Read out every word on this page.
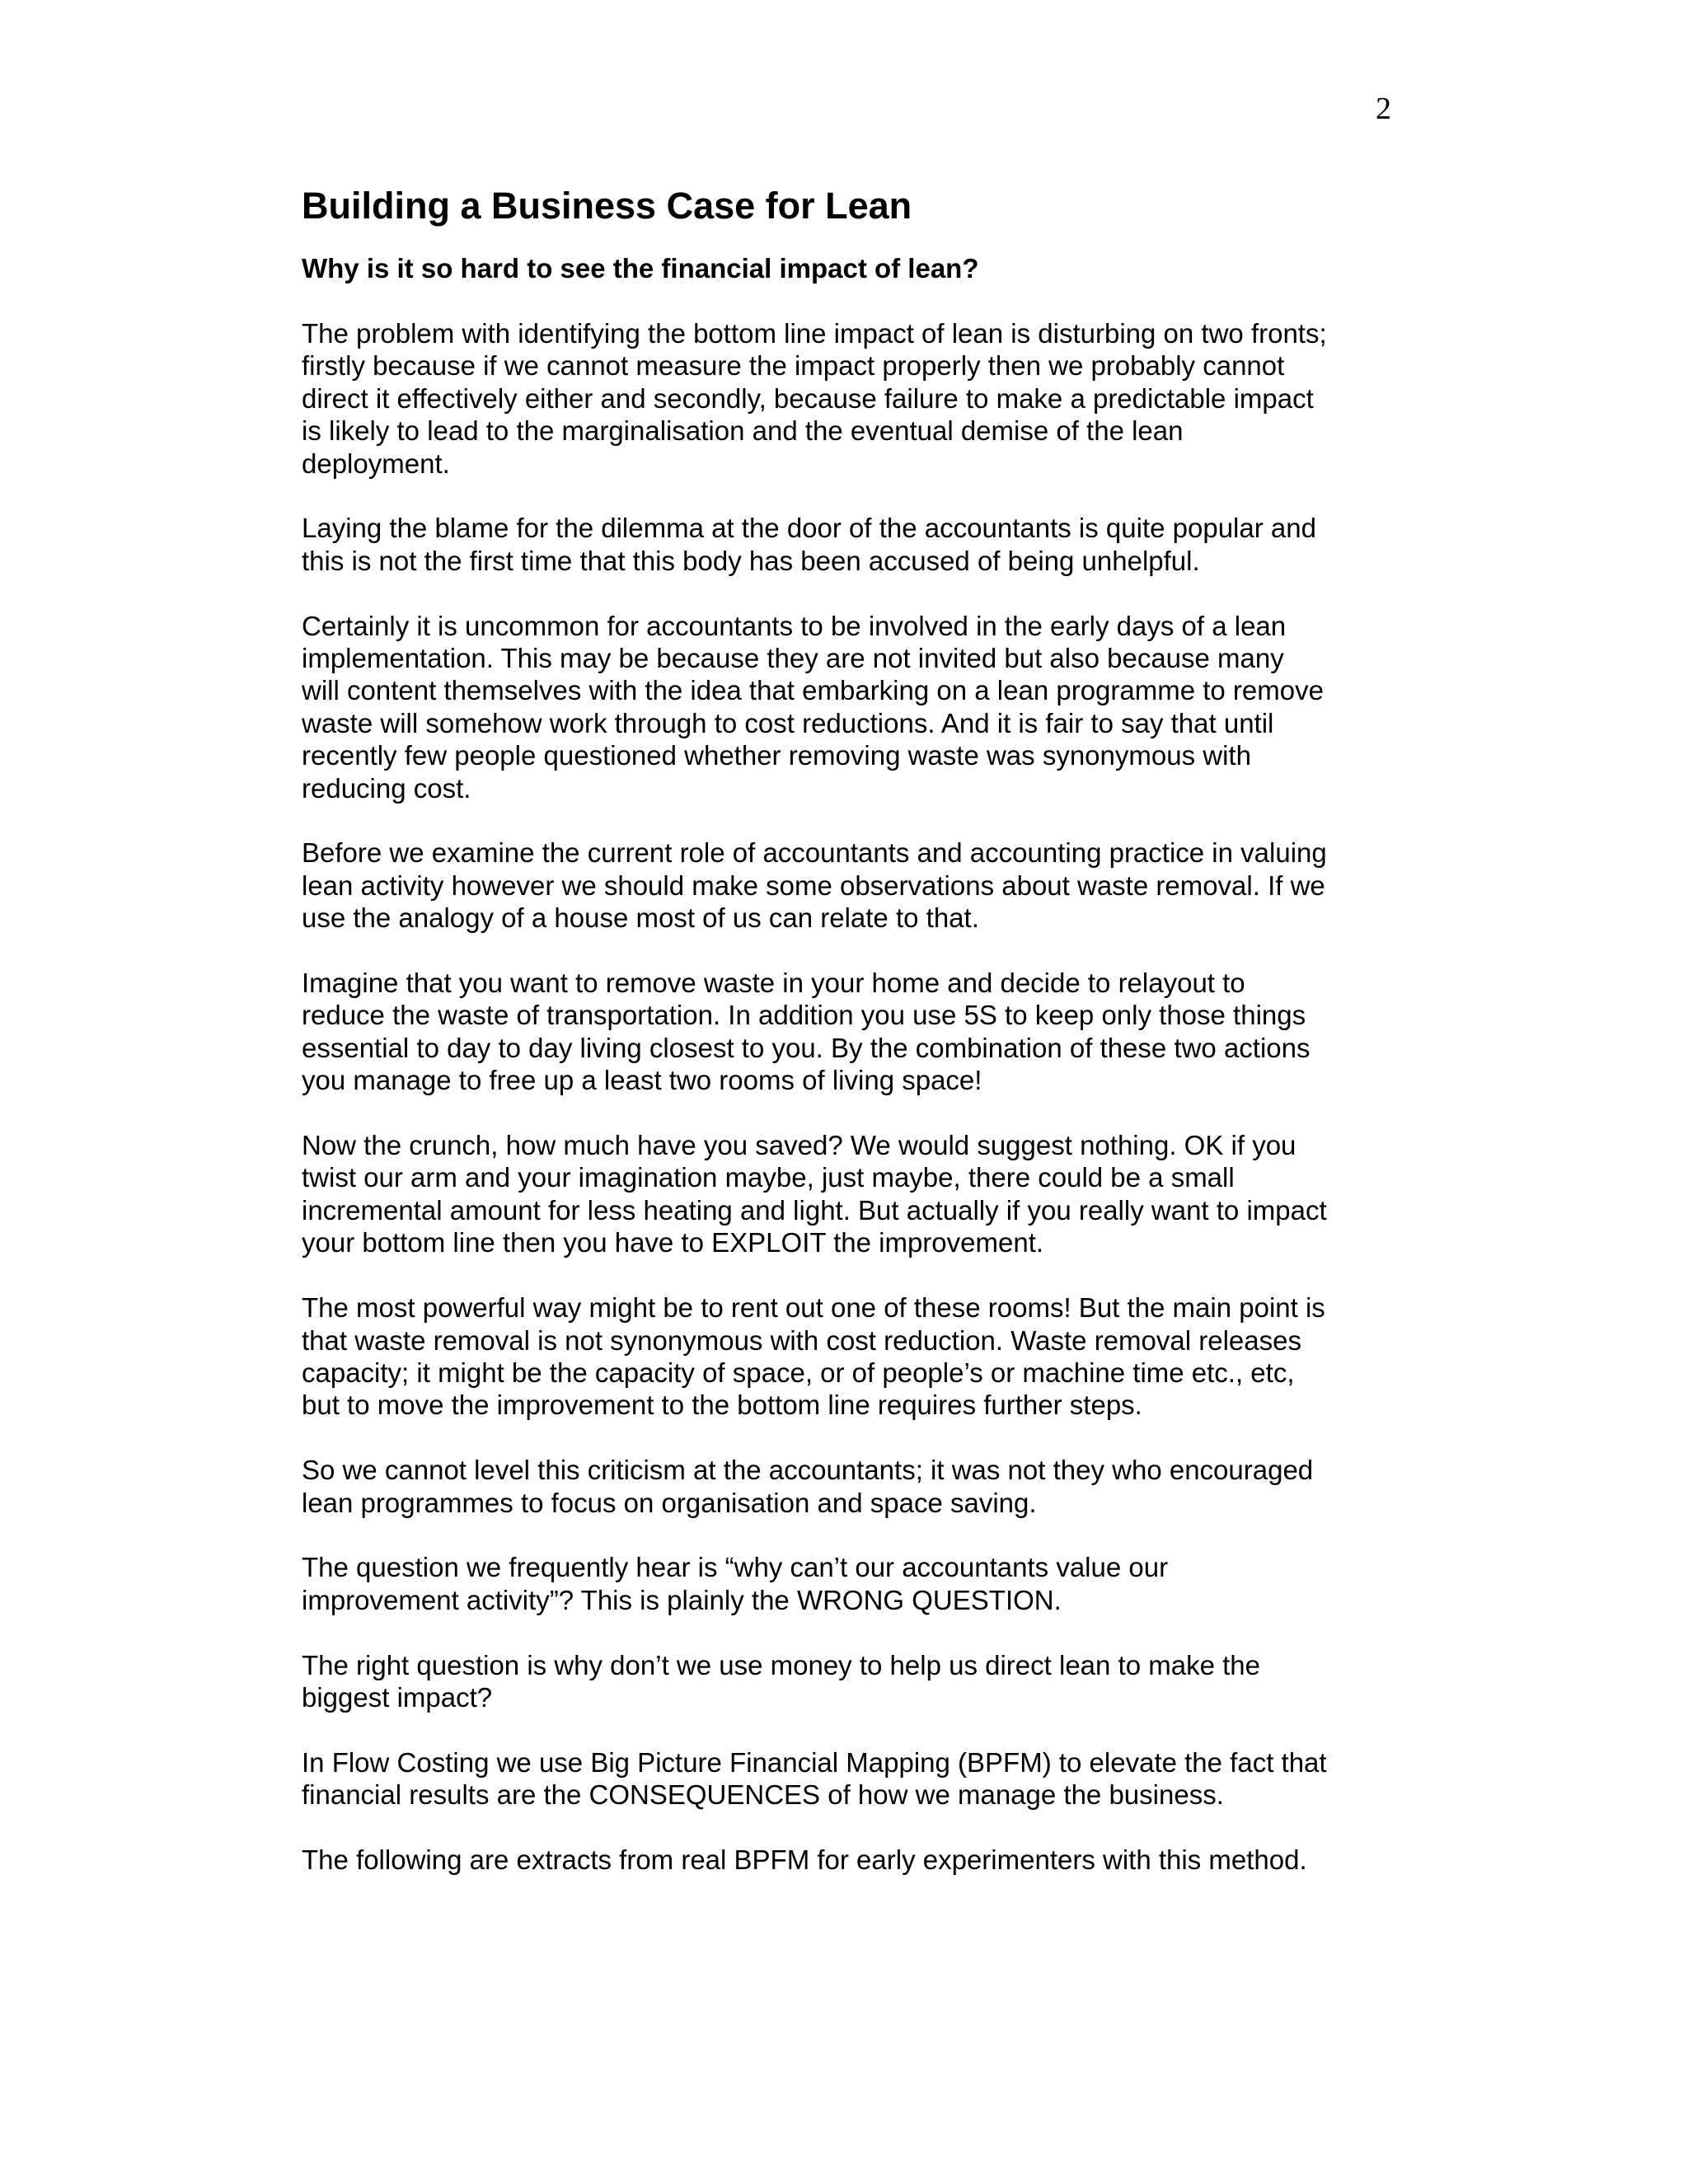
2
Building a Business Case for Lean
Why is it so hard to see the financial impact of lean?

The problem with identifying the bottom line impact of lean is disturbing on two fronts;
firstly because if we cannot measure the impact properly then we probably cannot
direct it effectively either and secondly, because failure to make a predictable impact
is likely to lead to the marginalisation and the eventual demise of the lean
deployment.

Laying the blame for the dilemma at the door of the accountants is quite popular and
this is not the first time that this body has been accused of being unhelpful.

Certainly it is uncommon for accountants to be involved in the early days of a lean
implementation. This may be because they are not invited but also because many
will content themselves with the idea that embarking on a lean programme to remove
waste will somehow work through to cost reductions. And it is fair to say that until
recently few people questioned whether removing waste was synonymous with
reducing cost.

Before we examine the current role of accountants and accounting practice in valuing
lean activity however we should make some observations about waste removal. If we
use the analogy of a house most of us can relate to that.

Imagine that you want to remove waste in your home and decide to relayout to
reduce the waste of transportation. In addition you use 5S to keep only those things
essential to day to day living closest to you. By the combination of these two actions
you manage to free up a least two rooms of living space!

Now the crunch, how much have you saved? We would suggest nothing. OK if you
twist our arm and your imagination maybe, just maybe, there could be a small
incremental amount for less heating and light. But actually if you really want to impact
your bottom line then you have to EXPLOIT the improvement.

The most powerful way might be to rent out one of these rooms! But the main point is
that waste removal is not synonymous with cost reduction. Waste removal releases
capacity; it might be the capacity of space, or of people’s or machine time etc., etc,
but to move the improvement to the bottom line requires further steps.

So we cannot level this criticism at the accountants; it was not they who encouraged
lean programmes to focus on organisation and space saving.

The question we frequently hear is “why can’t our accountants value our
improvement activity”? This is plainly the WRONG QUESTION.

The right question is why don’t we use money to help us direct lean to make the
biggest impact?

In Flow Costing we use Big Picture Financial Mapping (BPFM) to elevate the fact that
financial results are the CONSEQUENCES of how we manage the business.

The following are extracts from real BPFM for early experimenters with this method.
